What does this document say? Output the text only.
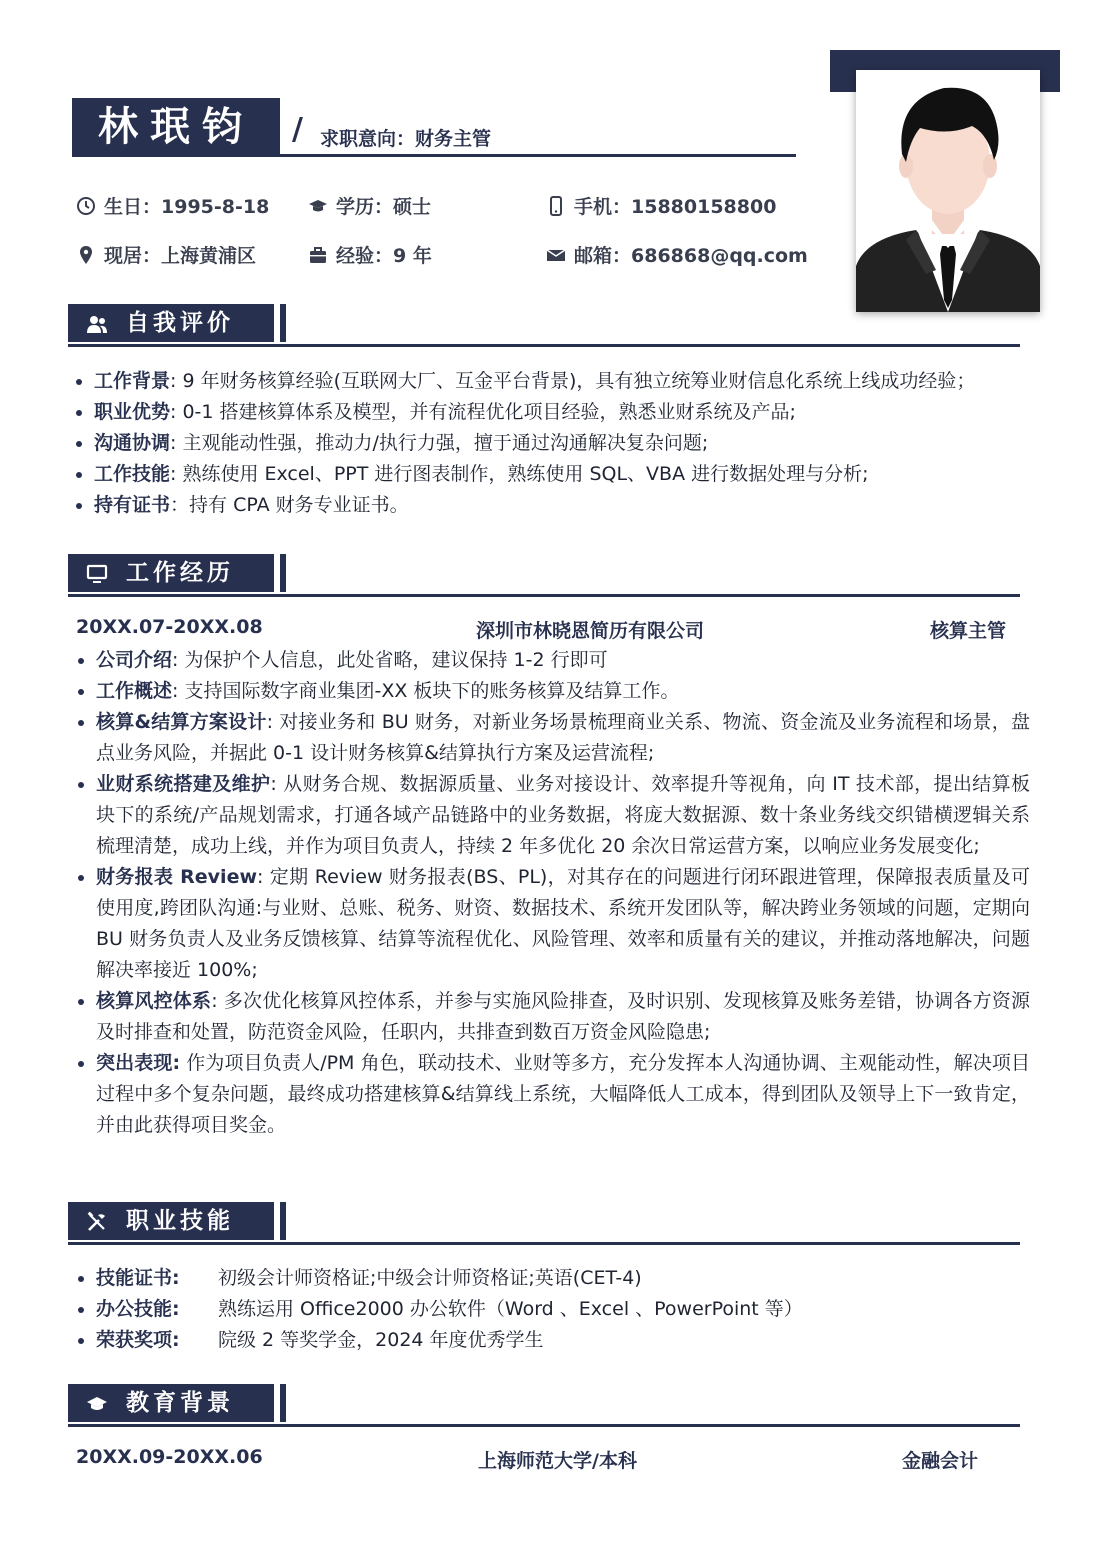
林珉钧	/ 求职意向：财务主管
生日：1995-8-18	学历：硕士	手机：15880158800
现居：上海黄浦区	经验：9 年	邮箱：686868@qq.com
自我评价
工作背景: 9 年财务核算经验(互联网大厂、互金平台背景)，具有独立统筹业财信息化系统上线成功经验；
职业优势: 0-1 搭建核算体系及模型，并有流程优化项目经验，熟悉业财系统及产品;
沟通协调: 主观能动性强，推动力/执行力强，擅于通过沟通解决复杂问题;
工作技能: 熟练使用 Excel、PPT 进行图表制作，熟练使用 SQL、VBA 进行数据处理与分析;
持有证书：持有 CPA 财务专业证书。
工作经历
20XX.07-20XX.08	深圳市林晓恩简历有限公司	核算主管
公司介绍: 为保护个人信息，此处省略，建议保持 1-2 行即可
工作概述: 支持国际数字商业集团-XX 板块下的账务核算及结算工作。
核算&结算方案设计: 对接业务和 BU 财务，对新业务场景梳理商业关系、物流、资金流及业务流程和场景，盘点业务风险，并据此 0-1 设计财务核算&结算执行方案及运营流程;
业财系统搭建及维护: 从财务合规、数据源质量、业务对接设计、效率提升等视角，向 IT 技术部，提出结算板块下的系统/产品规划需求，打通各域产品链路中的业务数据，将庞大数据源、数十条业务线交织错横逻辑关系梳理清楚，成功上线，并作为项目负责人，持续 2 年多优化 20 余次日常运营方案，以响应业务发展变化;
财务报表 Review: 定期 Review 财务报表(BS、PL)，对其存在的问题进行闭环跟进管理，保障报表质量及可使用度,跨团队沟通:与业财、总账、税务、财资、数据技术、系统开发团队等，解决跨业务领域的问题，定期向 BU 财务负责人及业务反馈核算、结算等流程优化、风险管理、效率和质量有关的建议，并推动落地解决，问题解决率接近 100%;
核算风控体系: 多次优化核算风控体系，并参与实施风险排查，及时识别、发现核算及账务差错，协调各方资源及时排查和处置，防范资金风险，任职内，共排查到数百万资金风险隐患;
突出表现: 作为项目负责人/PM 角色，联动技术、业财等多方，充分发挥本人沟通协调、主观能动性，解决项目过程中多个复杂问题，最终成功搭建核算&结算线上系统，大幅降低人工成本，得到团队及领导上下一致肯定，并由此获得项目奖金。
职业技能
技能证书:	初级会计师资格证;中级会计师资格证;英语(CET-4)
办公技能:	熟练运用 Office2000 办公软件（Word 、Excel 、PowerPoint 等）
荣获奖项:	院级 2 等奖学金，2024 年度优秀学生
教育背景
20XX.09-20XX.06	上海师范大学/本科	金融会计
